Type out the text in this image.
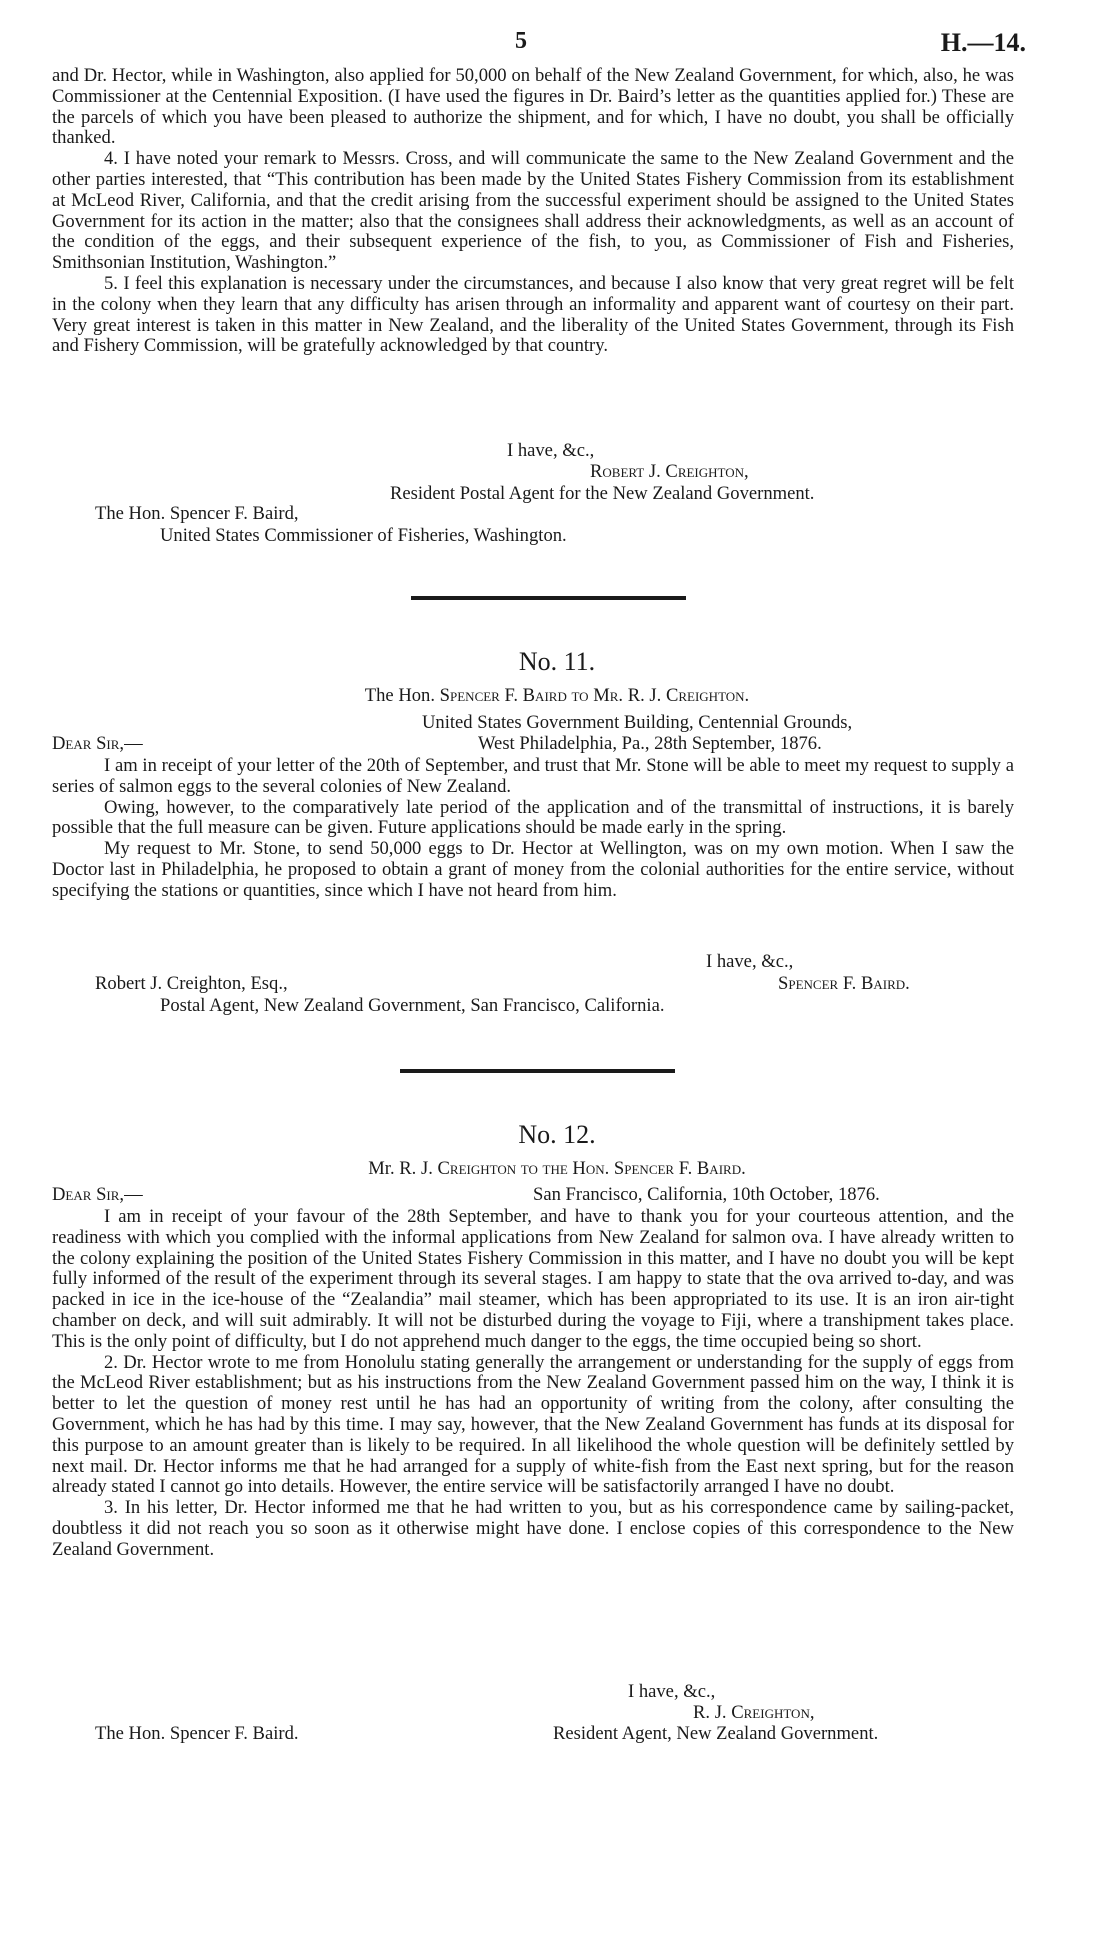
5	H.—14.

and Dr. Hector, while in Washington, also applied for 50,000 on behalf of the New Zealand Government, for which, also, he was Commissioner at the Centennial Exposition. (I have used the figures in Dr. Baird’s letter as the quantities applied for.) These are the parcels of which you have been pleased to authorize the shipment, and for which, I have no doubt, you shall be officially thanked.

4. I have noted your remark to Messrs. Cross, and will communicate the same to the New Zealand Government and the other parties interested, that “This contribution has been made by the United States Fishery Commission from its establishment at McLeod River, California, and that the credit arising from the successful experiment should be assigned to the United States Government for its action in the matter; also that the consignees shall address their acknowledgments, as well as an account of the condition of the eggs, and their subsequent experience of the fish, to you, as Commissioner of Fish and Fisheries, Smithsonian Institution, Washington.”

5. I feel this explanation is necessary under the circumstances, and because I also know that very great regret will be felt in the colony when they learn that any difficulty has arisen through an informality and apparent want of courtesy on their part. Very great interest is taken in this matter in New Zealand, and the liberality of the United States Government, through its Fish and Fishery Commission, will be gratefully acknowledged by that country.

I have, &c.,
Robert J. Creighton,
Resident Postal Agent for the New Zealand Government.
The Hon. Spencer F. Baird,
United States Commissioner of Fisheries, Washington.
No. 11.
The Hon. Spencer F. Baird to Mr. R. J. Creighton.
United States Government Building, Centennial Grounds,
Dear Sir,—	West Philadelphia, Pa., 28th September, 1876.

I am in receipt of your letter of the 20th of September, and trust that Mr. Stone will be able to meet my request to supply a series of salmon eggs to the several colonies of New Zealand.

Owing, however, to the comparatively late period of the application and of the transmittal of instructions, it is barely possible that the full measure can be given. Future applications should be made early in the spring.

My request to Mr. Stone, to send 50,000 eggs to Dr. Hector at Wellington, was on my own motion. When I saw the Doctor last in Philadelphia, he proposed to obtain a grant of money from the colonial authorities for the entire service, without specifying the stations or quantities, since which I have not heard from him.

I have, &c.,
Robert J. Creighton, Esq.,	Spencer F. Baird.
Postal Agent, New Zealand Government, San Francisco, California.
No. 12.
Mr. R. J. Creighton to the Hon. Spencer F. Baird.
Dear Sir,—	San Francisco, California, 10th October, 1876.

I am in receipt of your favour of the 28th September, and have to thank you for your courteous attention, and the readiness with which you complied with the informal applications from New Zealand for salmon ova. I have already written to the colony explaining the position of the United States Fishery Commission in this matter, and I have no doubt you will be kept fully informed of the result of the experiment through its several stages. I am happy to state that the ova arrived to-day, and was packed in ice in the ice-house of the “Zealandia” mail steamer, which has been appropriated to its use. It is an iron air-tight chamber on deck, and will suit admirably. It will not be disturbed during the voyage to Fiji, where a transhipment takes place. This is the only point of difficulty, but I do not apprehend much danger to the eggs, the time occupied being so short.

2. Dr. Hector wrote to me from Honolulu stating generally the arrangement or understanding for the supply of eggs from the McLeod River establishment; but as his instructions from the New Zealand Government passed him on the way, I think it is better to let the question of money rest until he has had an opportunity of writing from the colony, after consulting the Government, which he has had by this time. I may say, however, that the New Zealand Government has funds at its disposal for this purpose to an amount greater than is likely to be required. In all likelihood the whole question will be definitely settled by next mail. Dr. Hector informs me that he had arranged for a supply of white-fish from the East next spring, but for the reason already stated I cannot go into details. However, the entire service will be satisfactorily arranged I have no doubt.

3. In his letter, Dr. Hector informed me that he had written to you, but as his correspondence came by sailing-packet, doubtless it did not reach you so soon as it otherwise might have done. I enclose copies of this correspondence to the New Zealand Government.

I have, &c.,
R. J. Creighton,
The Hon. Spencer F. Baird.	Resident Agent, New Zealand Government.
